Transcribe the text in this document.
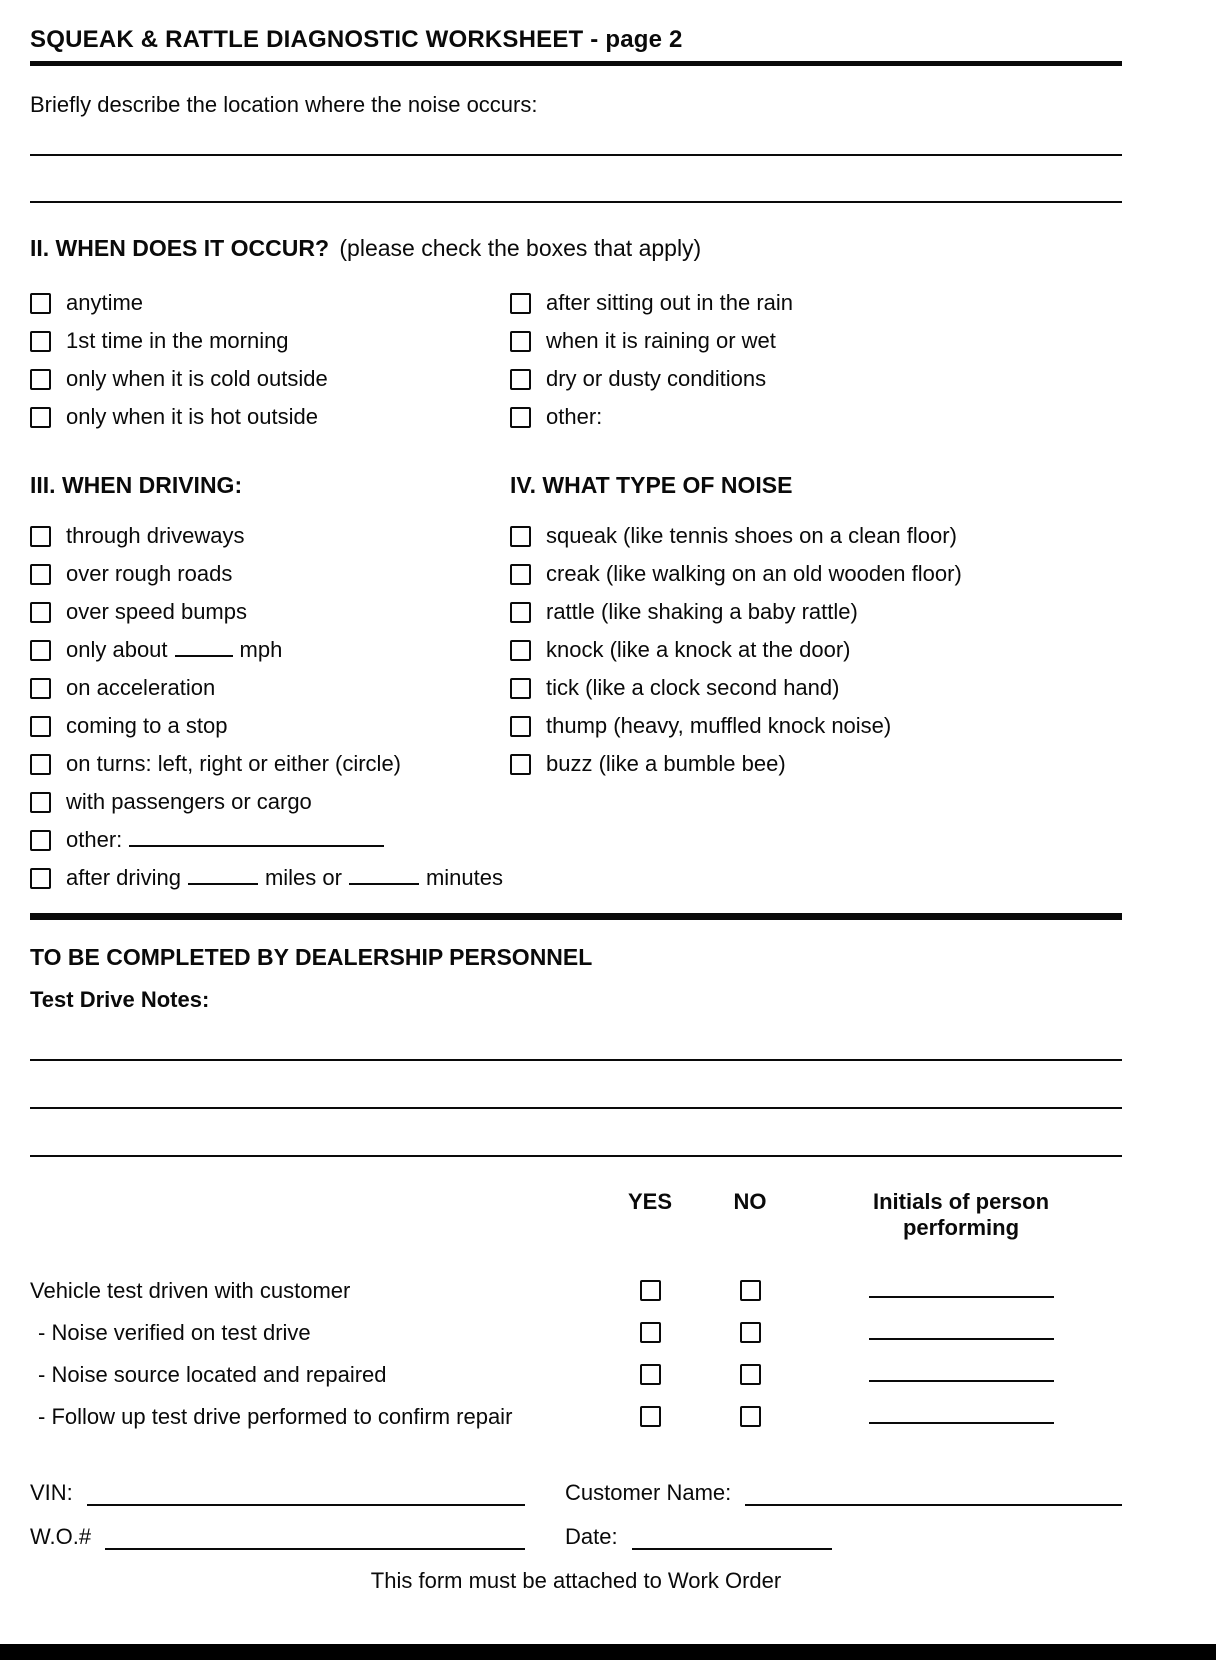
SQUEAK & RATTLE DIAGNOSTIC WORKSHEET - page 2
Briefly describe the location where the noise occurs:
II. WHEN DOES IT OCCUR? (please check the boxes that apply)
anytime
1st time in the morning
only when it is cold outside
only when it is hot outside
after sitting out in the rain
when it is raining or wet
dry or dusty conditions
other:
III. WHEN DRIVING:	IV. WHAT TYPE OF NOISE
through driveways
over rough roads
over speed bumps
only about	mph
on acceleration
coming to a stop
on turns: left, right or either (circle)
with passengers or cargo
other:
after driving	miles or	minutes
squeak (like tennis shoes on a clean floor)
creak (like walking on an old wooden floor)
rattle (like shaking a baby rattle)
knock (like a knock at the door)
tick (like a clock second hand)
thump (heavy, muffled knock noise)
buzz (like a bumble bee)
TO BE COMPLETED BY DEALERSHIP PERSONNEL
Test Drive Notes:
YES	NO	Initials of person
performing
Vehicle test driven with customer
- Noise verified on test drive
- Noise source located and repaired
- Follow up test drive performed to confirm repair
VIN:	Customer Name:
W.O.#	Date:
This form must be attached to Work Order
